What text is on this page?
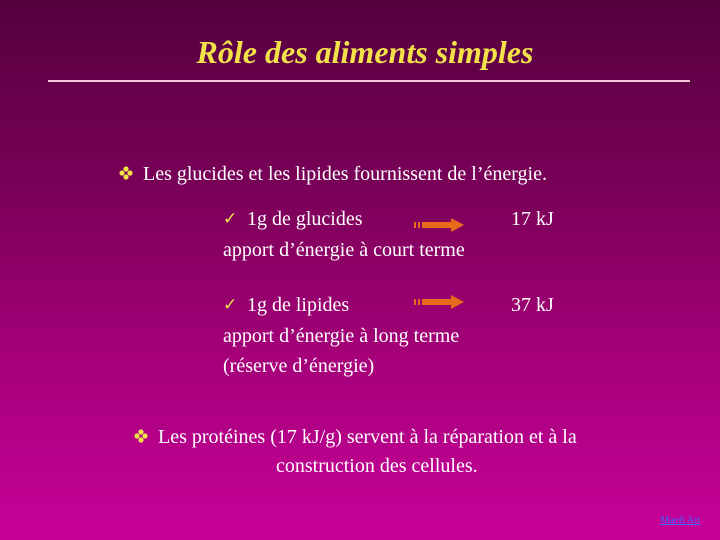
Rôle des aliments simples
Les glucides et les lipides fournissent de l’énergie.
✓ 1g de glucides	17 kJ
apport d’énergie à court terme
✓ 1g de lipides	37 kJ
apport d’énergie à long terme
(réserve d’énergie)
Les protéines (17 kJ/g) servent à la réparation et à la
construction des cellules.
Mardi Art
